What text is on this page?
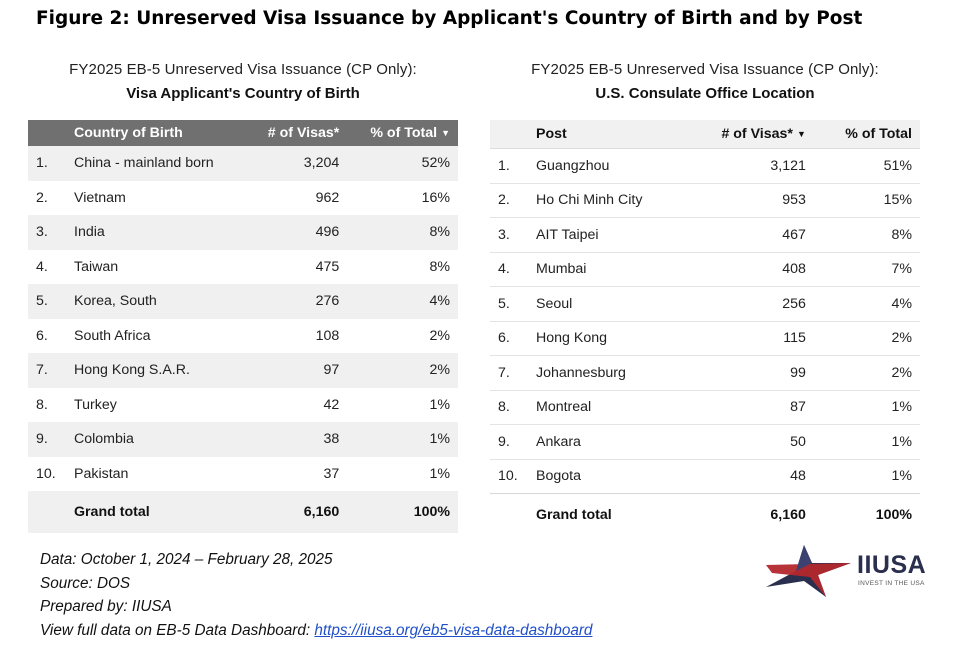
Figure 2: Unreserved Visa Issuance by Applicant's Country of Birth and by Post
FY2025 EB-5 Unreserved Visa Issuance (CP Only):
Visa Applicant's Country of Birth
	Country of Birth	# of Visas*	% of Total ▼
1.	China - mainland born	3,204	52%
2.	Vietnam	962	16%
3.	India	496	8%
4.	Taiwan	475	8%
5.	Korea, South	276	4%
6.	South Africa	108	2%
7.	Hong Kong S.A.R.	97	2%
8.	Turkey	42	1%
9.	Colombia	38	1%
10.	Pakistan	37	1%
	Grand total	6,160	100%
FY2025 EB-5 Unreserved Visa Issuance (CP Only):
U.S. Consulate Office Location
	Post	# of Visas* ▼	% of Total
1.	Guangzhou	3,121	51%
2.	Ho Chi Minh City	953	15%
3.	AIT Taipei	467	8%
4.	Mumbai	408	7%
5.	Seoul	256	4%
6.	Hong Kong	115	2%
7.	Johannesburg	99	2%
8.	Montreal	87	1%
9.	Ankara	50	1%
10.	Bogota	48	1%
	Grand total	6,160	100%
Data: October 1, 2024 – February 28, 2025
Source: DOS
Prepared by: IIUSA
View full data on EB-5 Data Dashboard: https://iiusa.org/eb5-visa-data-dashboard
IIUSA
INVEST IN THE USA
